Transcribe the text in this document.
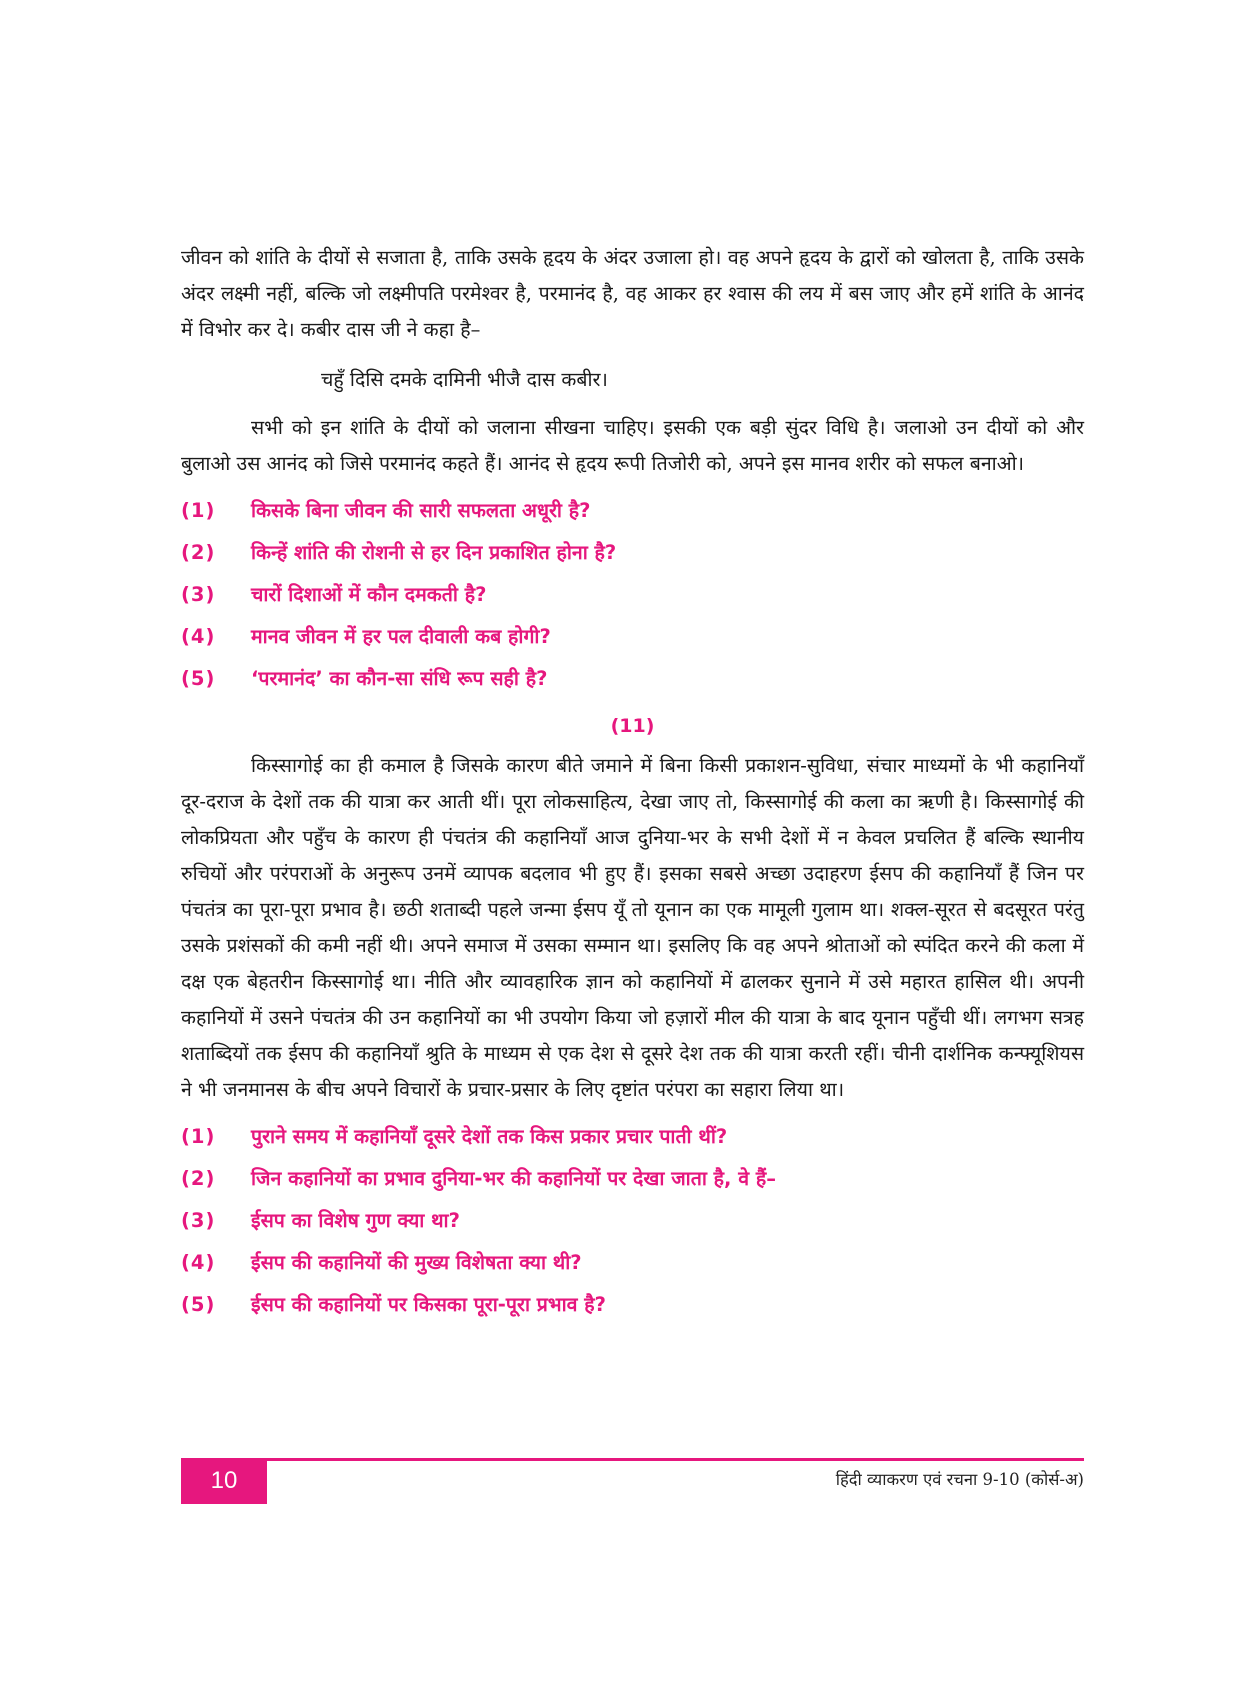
जीवन को शांति के दीयों से सजाता है, ताकि उसके हृदय के अंदर उजाला हो। वह अपने हृदय के द्वारों को खोलता है, ताकि उसके अंदर लक्ष्मी नहीं, बल्कि जो लक्ष्मीपति परमेश्वर है, परमानंद है, वह आकर हर श्वास की लय में बस जाए और हमें शांति के आनंद में विभोर कर दे। कबीर दास जी ने कहा है–

चहुँ दिसि दमके दामिनी भीजै दास कबीर।

सभी को इन शांति के दीयों को जलाना सीखना चाहिए। इसकी एक बड़ी सुंदर विधि है। जलाओ उन दीयों को और बुलाओ उस आनंद को जिसे परमानंद कहते हैं। आनंद से हृदय रूपी तिजोरी को, अपने इस मानव शरीर को सफल बनाओ।

(1)	किसके बिना जीवन की सारी सफलता अधूरी है?
(2)	किन्हें शांति की रोशनी से हर दिन प्रकाशित होना है?
(3)	चारों दिशाओं में कौन दमकती है?
(4)	मानव जीवन में हर पल दीवाली कब होगी?
(5)	‘परमानंद’ का कौन-सा संधि रूप सही है?
(11)

किस्सागोई का ही कमाल है जिसके कारण बीते जमाने में बिना किसी प्रकाशन-सुविधा, संचार माध्यमों के भी कहानियाँ दूर-दराज के देशों तक की यात्रा कर आती थीं। पूरा लोकसाहित्य, देखा जाए तो, किस्सागोई की कला का ऋणी है। किस्सागोई की लोकप्रियता और पहुँच के कारण ही पंचतंत्र की कहानियाँ आज दुनिया-भर के सभी देशों में न केवल प्रचलित हैं बल्कि स्थानीय रुचियों और परंपराओं के अनुरूप उनमें व्यापक बदलाव भी हुए हैं। इसका सबसे अच्छा उदाहरण ईसप की कहानियाँ हैं जिन पर पंचतंत्र का पूरा-पूरा प्रभाव है। छठी शताब्दी पहले जन्मा ईसप यूँ तो यूनान का एक मामूली गुलाम था। शक्ल-सूरत से बदसूरत परंतु उसके प्रशंसकों की कमी नहीं थी। अपने समाज में उसका सम्मान था। इसलिए कि वह अपने श्रोताओं को स्पंदित करने की कला में दक्ष एक बेहतरीन किस्सागोई था। नीति और व्यावहारिक ज्ञान को कहानियों में ढालकर सुनाने में उसे महारत हासिल थी। अपनी कहानियों में उसने पंचतंत्र की उन कहानियों का भी उपयोग किया जो हज़ारों मील की यात्रा के बाद यूनान पहुँची थीं। लगभग सत्रह शताब्दियों तक ईसप की कहानियाँ श्रुति के माध्यम से एक देश से दूसरे देश तक की यात्रा करती रहीं। चीनी दार्शनिक कन्फ्यूशियस ने भी जनमानस के बीच अपने विचारों के प्रचार-प्रसार के लिए दृष्टांत परंपरा का सहारा लिया था।

(1)	पुराने समय में कहानियाँ दूसरे देशों तक किस प्रकार प्रचार पाती थीं?
(2)	जिन कहानियों का प्रभाव दुनिया-भर की कहानियों पर देखा जाता है, वे हैं–
(3)	ईसप का विशेष गुण क्या था?
(4)	ईसप की कहानियों की मुख्य विशेषता क्या थी?
(5)	ईसप की कहानियों पर किसका पूरा-पूरा प्रभाव है?
10	हिंदी व्याकरण एवं रचना 9-10 (कोर्स-अ)
